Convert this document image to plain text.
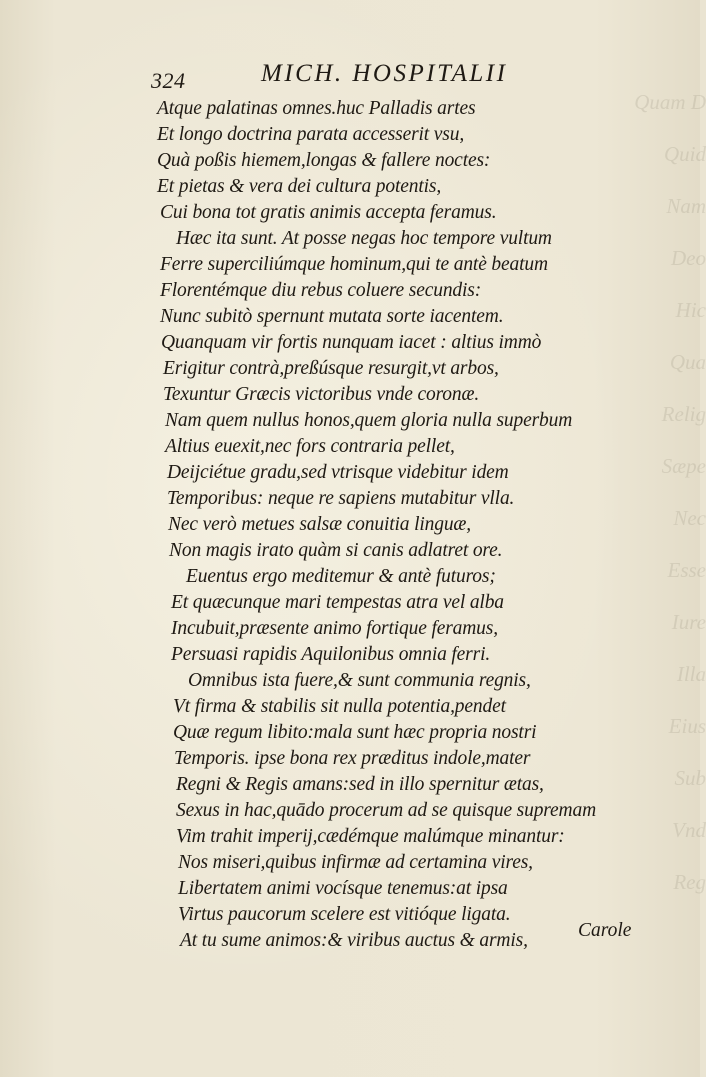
Quam D
Quid
Nam
Deo
Hic
Qua
Relig
Sæpe
Nec
Esse
Iure
Illa
Eius
Sub
Vnd
Reg
324	MICH. HOSPITALII
Atque palatinas omnes.huc Palladis artes
Et longo doctrina parata accesserit vsu,
Quà poßis hiemem,longas & fallere noctes:
Et pietas & vera dei cultura potentis,
Cui bona tot gratis animis accepta feramus.
Hæc ita sunt. At posse negas hoc tempore vultum
Ferre superciliúmque hominum,qui te antè beatum
Florentémque diu rebus coluere secundis:
Nunc subitò spernunt mutata sorte iacentem.
Quanquam vir fortis nunquam iacet : altius immò
Erigitur contrà,preßúsque resurgit,vt arbos,
Texuntur Græcis victoribus vnde coronæ.
Nam quem nullus honos,quem gloria nulla superbum
Altius euexit,nec fors contraria pellet,
Deijciétue gradu,sed vtrisque videbitur idem
Temporibus: neque re sapiens mutabitur vlla.
Nec verò metues salsæ conuitia linguæ,
Non magis irato quàm si canis adlatret ore.
Euentus ergo meditemur & antè futuros;
Et quæcunque mari tempestas atra vel alba
Incubuit,præsente animo fortique feramus,
Persuasi rapidis Aquilonibus omnia ferri.
Omnibus ista fuere,& sunt communia regnis,
Vt firma & stabilis sit nulla potentia,pendet
Quæ regum libito:mala sunt hæc propria nostri
Temporis. ipse bona rex præditus indole,mater
Regni & Regis amans:sed in illo spernitur ætas,
Sexus in hac,quādo procerum ad se quisque supremam
Vim trahit imperij,cædémque malúmque minantur:
Nos miseri,quibus infirmæ ad certamina vires,
Libertatem animi vocísque tenemus:at ipsa
Virtus paucorum scelere est vitióque ligata.
At tu sume animos:& viribus auctus & armis,	Carole
